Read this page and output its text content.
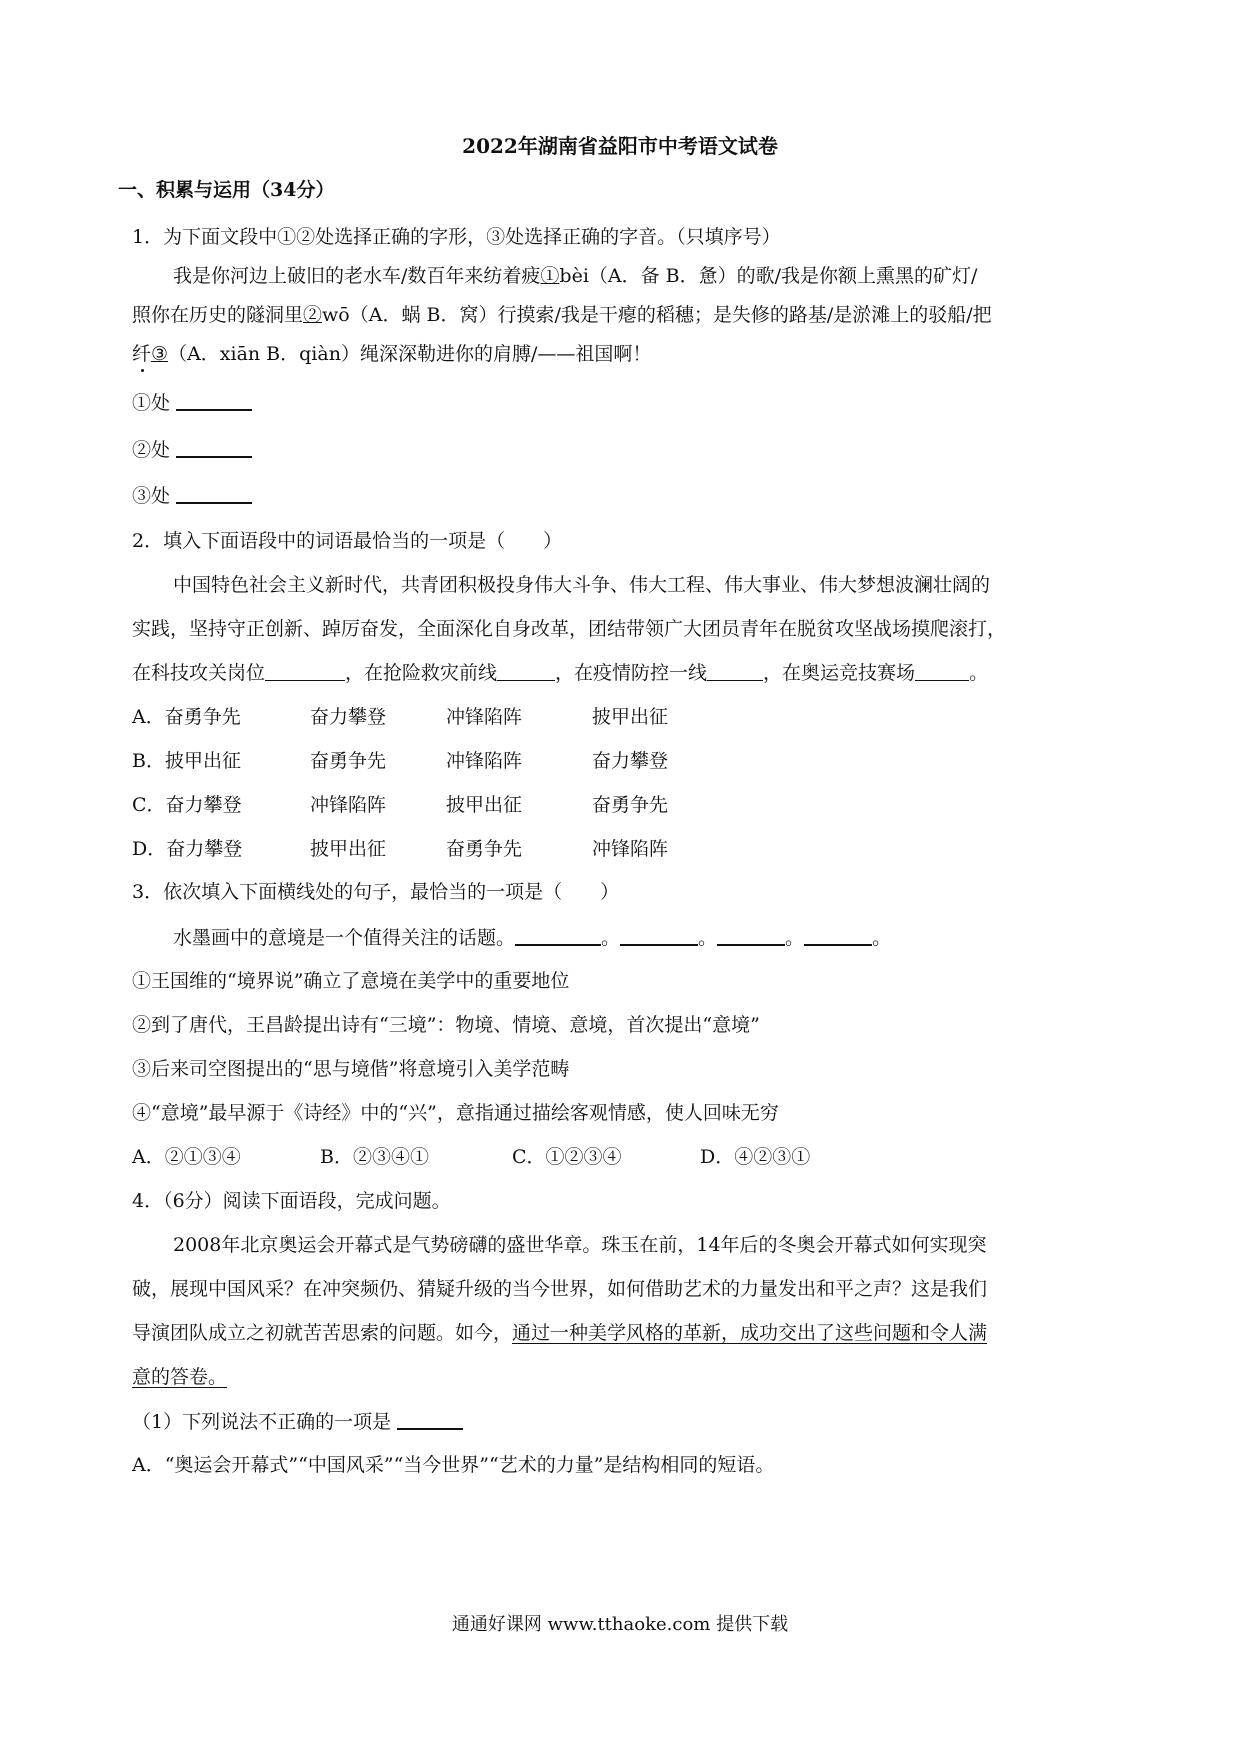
2022年湖南省益阳市中考语文试卷
一、积累与运用（34分）
1．为下面文段中①②处选择正确的字形，③处选择正确的字音。（只填序号）
我是你河边上破旧的老水车/数百年来纺着疲①bèi（A．备 B．惫）的歌/我是你额上熏黑的矿灯/
照你在历史的隧洞里②wō（A．蜗 B．窝）行摸索/我是干瘪的稻穗；是失修的路基/是淤滩上的驳船/把
纤③（A．xiān B．qiàn）绳深深勒进你的肩膊/——祖国啊！
①处
②处
③处
2．填入下面语段中的词语最恰当的一项是（　　）
中国特色社会主义新时代，共青团积极投身伟大斗争、伟大工程、伟大事业、伟大梦想波澜壮阔的
实践，坚持守正创新、踔厉奋发，全面深化自身改革，团结带领广大团员青年在脱贫攻坚战场摸爬滚打，
在科技攻关岗位	，在抢险救灾前线	，在疫情防控一线	，在奥运竞技赛场	。
A．奋勇争先	奋力攀登	冲锋陷阵	披甲出征
B．披甲出征	奋勇争先	冲锋陷阵	奋力攀登
C．奋力攀登	冲锋陷阵	披甲出征	奋勇争先
D．奋力攀登	披甲出征	奋勇争先	冲锋陷阵
3．依次填入下面横线处的句子，最恰当的一项是（　　）
水墨画中的意境是一个值得关注的话题。	。	。	。	。
①王国维的“境界说”确立了意境在美学中的重要地位
②到了唐代，王昌龄提出诗有“三境”：物境、情境、意境，首次提出“意境”
③后来司空图提出的“思与境偕”将意境引入美学范畴
④“意境”最早源于《诗经》中的“兴”，意指通过描绘客观情感，使人回味无穷
A．②①③④	B．②③④①	C．①②③④	D．④②③①
4．（6分）阅读下面语段，完成问题。
2008年北京奥运会开幕式是气势磅礴的盛世华章。珠玉在前，14年后的冬奥会开幕式如何实现突
破，展现中国风采？在冲突频仍、猜疑升级的当今世界，如何借助艺术的力量发出和平之声？这是我们
导演团队成立之初就苦苦思索的问题。如今，通过一种美学风格的革新，成功交出了这些问题和令人满
意的答卷。
（1）下列说法不正确的一项是
A．“奥运会开幕式”“中国风采”“当今世界”“艺术的力量”是结构相同的短语。
通通好课网 www.tthaoke.com 提供下载
